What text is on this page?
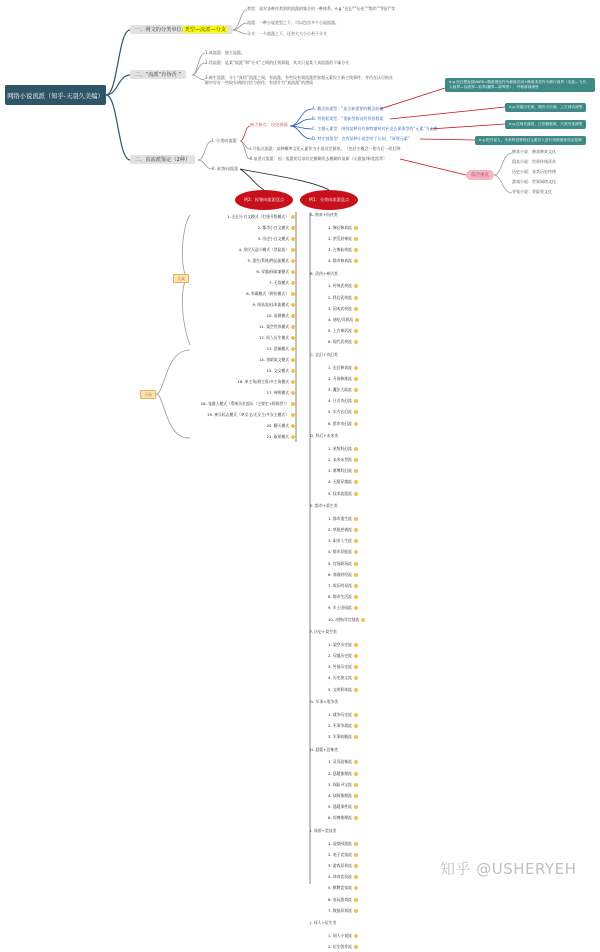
网络小说流派（知乎-天羽久美编）
一、网文的分类单位: 类型—流派—分支
类型：是对各种作类别的流派的集合的一种体系。e.g.“玄幻”“历史”“都市”“科幻”等
流派：一种小说类型之下，可以包含多个小说流派。
分支：一个流派之下，还有大大小小若干分支
二、“流派”有伪否 ”
1.真流派：独立流派。
2.伪流派：是某“流派”和“分支”之间的区别界限，其实只是某个真流派的下属分支
3.新生流派：介于“真伪”流派之间，有流派、有些设有效流派世界观元素设立新主线事件，并仍在认可的社群中存在一些较分明的讨论与创作，有望升为“真流派”的潜质
二、真流派鉴定（2种）
I. 分类向流派
II. 标签向流派
核大核点：设定画面
A. 概念前提型：“某全新重要的概念前提
B. 背景框架型：“重新型构设的背景框架
C. 主题元素型：围绕某种具有独特题料对社交去保准型的“元素”为主题
D. 特定视角型：在有某种小说型对于认知，“原理元素”
I.开拓式流派：某种概率文化元素作为小说设定源泉，（包括主概念一相当后一改后降
II.复要式流派：因一流派的目前设定模糊发去模糊有复新（无限流/新宽流等）
e.g.在幻想直到VARS=概意理论作为修练功用+修道术语作为修行道界（克蓝—飞升、人间界—仙道界—仙界/魔界—神界等），并称新神流等
e.g.穿越历史流、模仿大历流、上古神话流等
e.g.近现代盛世，已依赖强流、天涯穷奇流等
e.g.把外星人、未来科技等科幻元素引入进行传统流体设定故事
综合重点
修真小说：修真修真文化
国术小说：世界传统武术
历史小说：各类历史传统
游戏小说：世界网络文化
夸张小说：冒险类文化
例2：标签向流派盘点	例1：分类向流派盘点
1. 玄幻小白文模式（打怪升级模式）
2. 都市小白文模式
3. 历史小白文模式
4. 余民天造斗模式（冒险流）
5. 重生/系统/物品流模式
6. 穿越/探索兼模式
7. 无敌模式
8. 争霸模式（种田模式）
9. 阿朱流/技术流模式
10. 退婚模式
11. 架空世界模式
12. 同人衍生模式
13. 恶搞模式
14. 黑暗流文模式
15. 文女模式
16. 单主角/群主角/多主角模式
17. 神明模式
18. 宠器人模式（系统历宏流历（主要定+阿画世））
19. 神乐标志模式（单女主/无女主/多女主模式）
20. 聊天模式
21. 取景模式
大众
小众
A. 修真+仙侠类
1. 修幻修真流
2. 洪荒封神流
3. 古典仙侠流
4. 都市修真流
B. 武侠+神话类
1. 传统武侠流
2. 科幻武侠流
3. 国术武侠流
4. 诸纪/异界流
5. 上古神话流
6. 现代武侠流
C. 玄幻+奇幻类
1. 玄幻修真流
2. 升国修炼流
3. 魔法大陆流
4. 日式奇幻流
5. 东方玄幻流
6. 都市奇幻流
D. 科幻+未来类
1. 星级科幻流
2. 未来未世流
3. 赛博科幻流
4. 无限穿越流
5. 技术流派流
E. 都市+重生类
1. 都市重生流
2. 草根逆袭流
3. 职业人生流
4. 都市异能流
5. 官场职场流
6. 商战财经流
7. 娱乐明星流
8. 都市生活流
9. 乡土田园流
10. 动物/军官情流
F. 历史+架空类
1. 架空历史流
2. 穿越历史流
3. 外国历史流
4. 历史演义流
5. 文明积体流
G. 军事+战争类
1. 战争历史流
2. 军事争战流
3. 军事前瞻流
H. 悬疑+恐怖类
1. 灵异恐怖流
2. 悬疑推理流
3. 探险寻宝流
4. 侦探推理流
5. 悬疑事件流
6. 惊悚推理流
I. 网游+竞技类
1. 虚拟网游流
2. 电子竞技流
3. 游戏异界流
4. 体育竞技流
5. 棋牌竞技流
6. 电玩游戏流
7. 数据异界流
J. 同人+衍生类
1. 同人小说流
2. 衍生创作流
知乎 @USHERYEH
